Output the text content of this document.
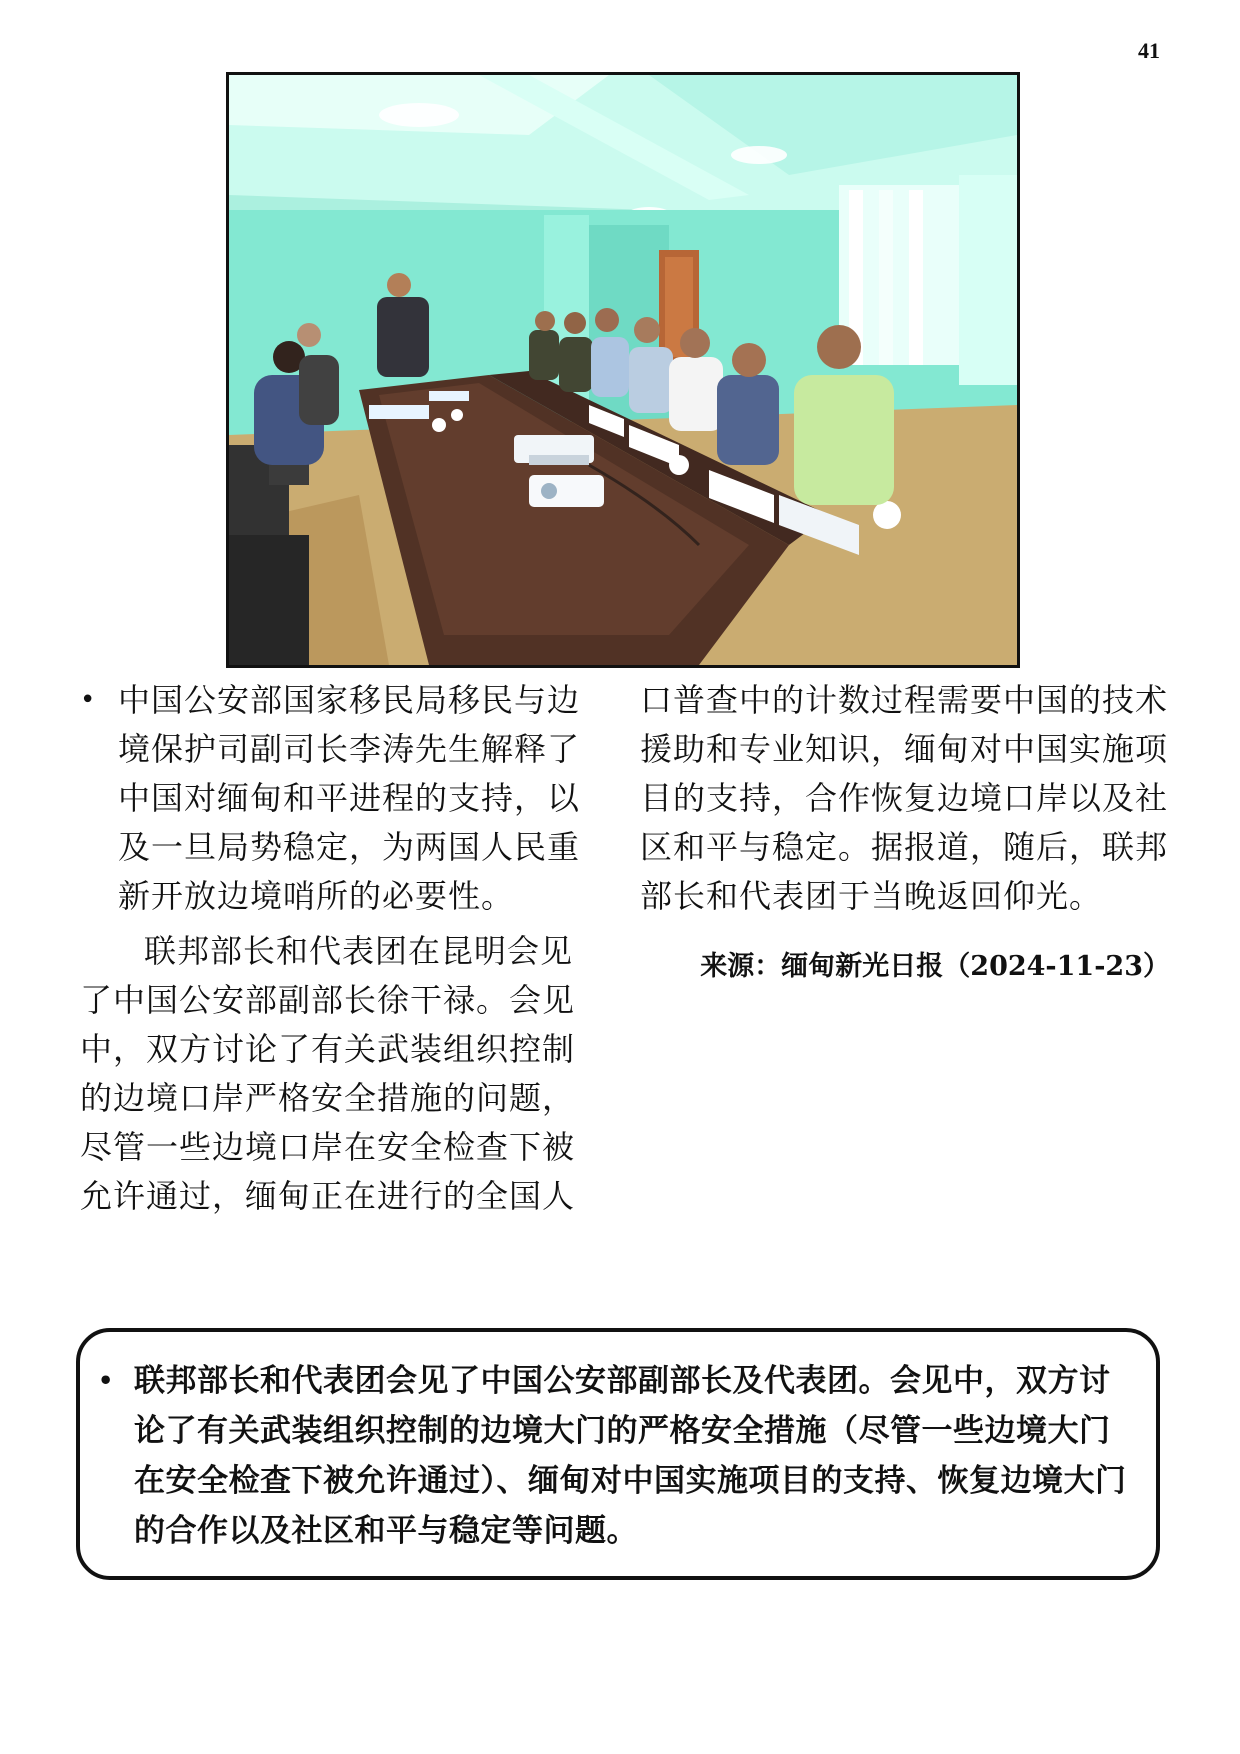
41

• 中国公安部国家移民局移民与边境保护司副司长李涛先生解释了中国对缅甸和平进程的支持，以及一旦局势稳定，为两国人民重新开放边境哨所的必要性。

联邦部长和代表团在昆明会见了中国公安部副部长徐干禄。会见中，双方讨论了有关武装组织控制的边境口岸严格安全措施的问题，尽管一些边境口岸在安全检查下被允许通过，缅甸正在进行的全国人

口普查中的计数过程需要中国的技术援助和专业知识，缅甸对中国实施项目的支持，合作恢复边境口岸以及社区和平与稳定。据报道，随后，联邦部长和代表团于当晚返回仰光。

来源：缅甸新光日报（2024-11-23）

• 联邦部长和代表团会见了中国公安部副部长及代表团。会见中，双方讨论了有关武装组织控制的边境大门的严格安全措施（尽管一些边境大门在安全检查下被允许通过）、缅甸对中国实施项目的支持、恢复边境大门的合作以及社区和平与稳定等问题。
